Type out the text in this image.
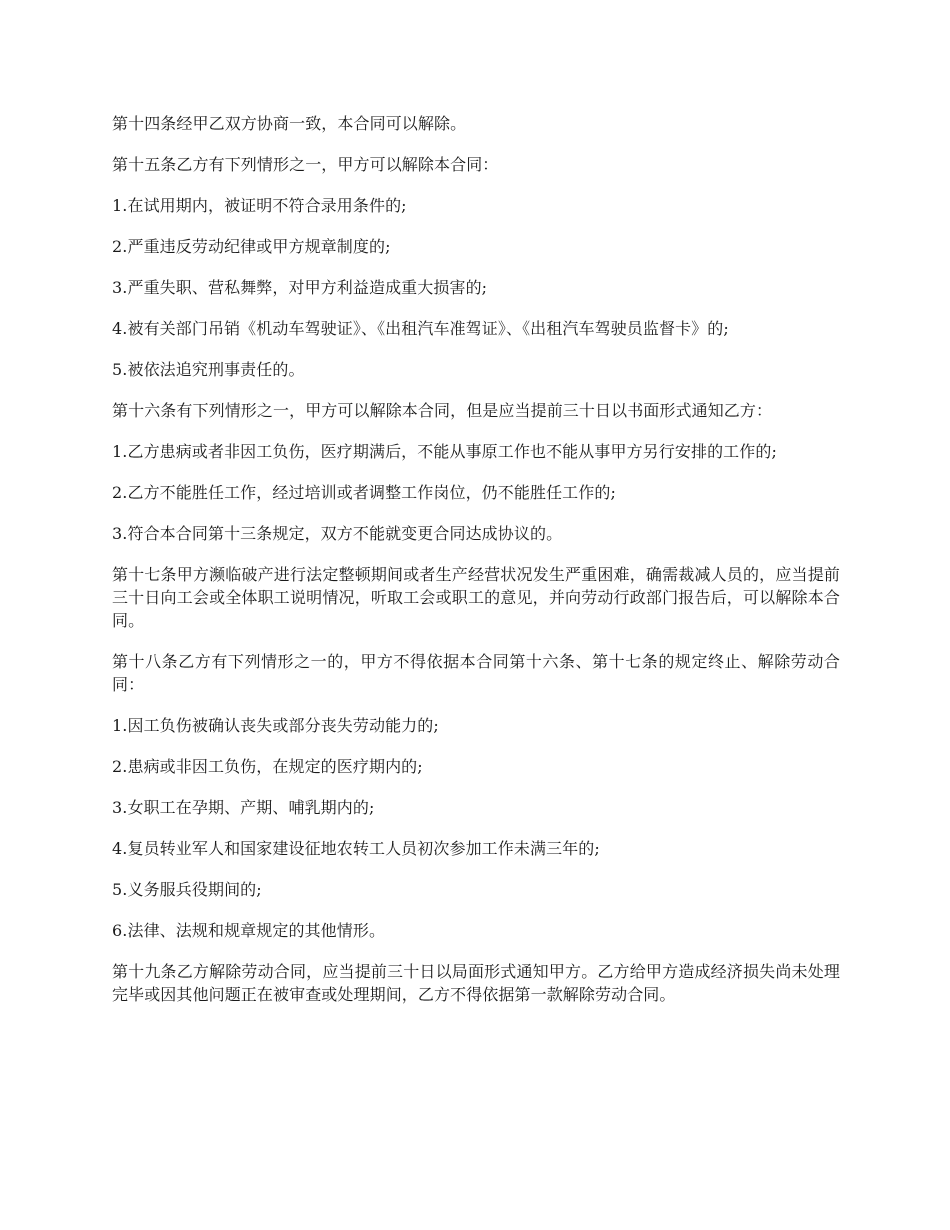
第十四条经甲乙双方协商一致，本合同可以解除。

第十五条乙方有下列情形之一，甲方可以解除本合同：

1.在试用期内，被证明不符合录用条件的;

2.严重违反劳动纪律或甲方规章制度的;

3.严重失职、营私舞弊，对甲方利益造成重大损害的;

4.被有关部门吊销《机动车驾驶证》、《出租汽车准驾证》、《出租汽车驾驶员监督卡》的;

5.被依法追究刑事责任的。

第十六条有下列情形之一，甲方可以解除本合同，但是应当提前三十日以书面形式通知乙方：

1.乙方患病或者非因工负伤，医疗期满后，不能从事原工作也不能从事甲方另行安排的工作的;

2.乙方不能胜任工作，经过培训或者调整工作岗位，仍不能胜任工作的;

3.符合本合同第十三条规定，双方不能就变更合同达成协议的。

第十七条甲方濒临破产进行法定整顿期间或者生产经营状况发生严重困难，确需裁减人员的，应当提前三十日向工会或全体职工说明情况，听取工会或职工的意见，并向劳动行政部门报告后，可以解除本合同。

第十八条乙方有下列情形之一的，甲方不得依据本合同第十六条、第十七条的规定终止、解除劳动合同：

1.因工负伤被确认丧失或部分丧失劳动能力的;

2.患病或非因工负伤，在规定的医疗期内的;

3.女职工在孕期、产期、哺乳期内的;

4.复员转业军人和国家建设征地农转工人员初次参加工作未满三年的;

5.义务服兵役期间的;

6.法律、法规和规章规定的其他情形。

第十九条乙方解除劳动合同，应当提前三十日以局面形式通知甲方。乙方给甲方造成经济损失尚未处理完毕或因其他问题正在被审查或处理期间，乙方不得依据第一款解除劳动合同。
